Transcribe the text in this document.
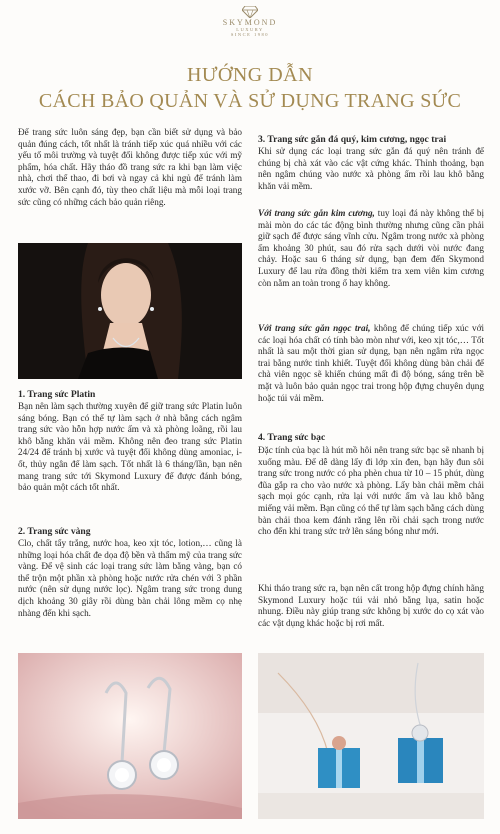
SKYMOND
LUXURY
SINCE 1980
HƯỚNG DẪN
CÁCH BẢO QUẢN VÀ SỬ DỤNG TRANG SỨC

Để trang sức luôn sáng đẹp, bạn cần biết sử dụng và bảo quản đúng cách, tốt nhất là tránh tiếp xúc quá nhiều với các yếu tố môi trường và tuyệt đối không được tiếp xúc với mỹ phẩm, hóa chất. Hãy tháo đồ trang sức ra khi bạn làm việc nhà, chơi thể thao, đi bơi và ngay cả khi ngủ để tránh làm xước vỡ. Bên cạnh đó, tùy theo chất liệu mà mỗi loại trang sức cũng có những cách bảo quản riêng.

1. Trang sức Platin

Bạn nên làm sạch thường xuyên để giữ trang sức Platin luôn sáng bóng. Bạn có thể tự làm sạch ở nhà bằng cách ngâm trang sức vào hỗn hợp nước ấm và xà phòng loãng, rồi lau khô bằng khăn vải mềm. Không nên đeo trang sức Platin 24/24 để tránh bị xước và tuyệt đối không dùng amoniac, i-ốt, thủy ngân để làm sạch. Tốt nhất là 6 tháng/lần, bạn nên mang trang sức tới Skymond Luxury để được đánh bóng, bảo quản một cách tốt nhất.

2. Trang sức vàng

Clo, chất tẩy trắng, nước hoa, keo xịt tóc, lotion,… cũng là những loại hóa chất đe dọa độ bền và thẩm mỹ của trang sức vàng. Để vệ sinh các loại trang sức làm bằng vàng, bạn có thể trộn một phần xà phòng hoặc nước rửa chén với 3 phần nước (nên sử dụng nước lọc). Ngâm trang sức trong dung dịch khoảng 30 giây rồi dùng bàn chải lông mềm cọ nhẹ nhàng đến khi sạch.

3. Trang sức gắn đá quý, kim cương, ngọc trai

Khi sử dụng các loại trang sức gắn đá quý nên tránh để chúng bị chà xát vào các vật cứng khác. Thỉnh thoảng, bạn nên ngâm chúng vào nước xà phòng ấm rồi lau khô bằng khăn vải mềm.

Với trang sức gắn kim cương, tuy loại đá này không thể bị mài mòn do các tác động bình thường nhưng cũng cần phải giữ sạch để được sáng vĩnh cửu. Ngâm trong nước xà phòng ấm khoảng 30 phút, sau đó rửa sạch dưới vòi nước đang chảy. Hoặc sau 6 tháng sử dụng, bạn đem đến Skymond Luxury để lau rửa đồng thời kiểm tra xem viên kim cương còn nằm an toàn trong ổ hay không.

Với trang sức gắn ngọc trai, không để chúng tiếp xúc với các loại hóa chất có tính bào mòn như với, keo xịt tóc,… Tốt nhất là sau một thời gian sử dụng, bạn nên ngâm rửa ngọc trai bằng nước tinh khiết. Tuyệt đối không dùng bàn chải để chà viên ngọc sẽ khiến chúng mất đi độ bóng, sáng trên bề mặt và luôn bảo quản ngọc trai trong hộp đựng chuyên dụng hoặc túi vải mềm.

4. Trang sức bạc

Đặc tính của bạc là hút mồ hôi nên trang sức bạc sẽ nhanh bị xuống màu. Để dễ dàng lấy đi lớp xỉn đen, bạn hãy đun sôi trang sức trong nước có pha phèn chua từ 10 – 15 phút, dùng đũa gắp ra cho vào nước xà phòng. Lấy bàn chải mềm chải sạch mọi góc cạnh, rửa lại với nước ấm và lau khô bằng miếng vải mềm. Bạn cũng có thể tự làm sạch bằng cách dùng bàn chải thoa kem đánh răng lên rồi chải sạch trong nước cho đến khi trang sức trở lên sáng bóng như mới.

Khi tháo trang sức ra, bạn nên cất trong hộp đựng chính hãng Skymond Luxury hoặc túi vải nhỏ bằng lụa, satin hoặc nhung. Điều này giúp trang sức không bị xước do cọ xát vào các vật dụng khác hoặc bị rơi mất.
